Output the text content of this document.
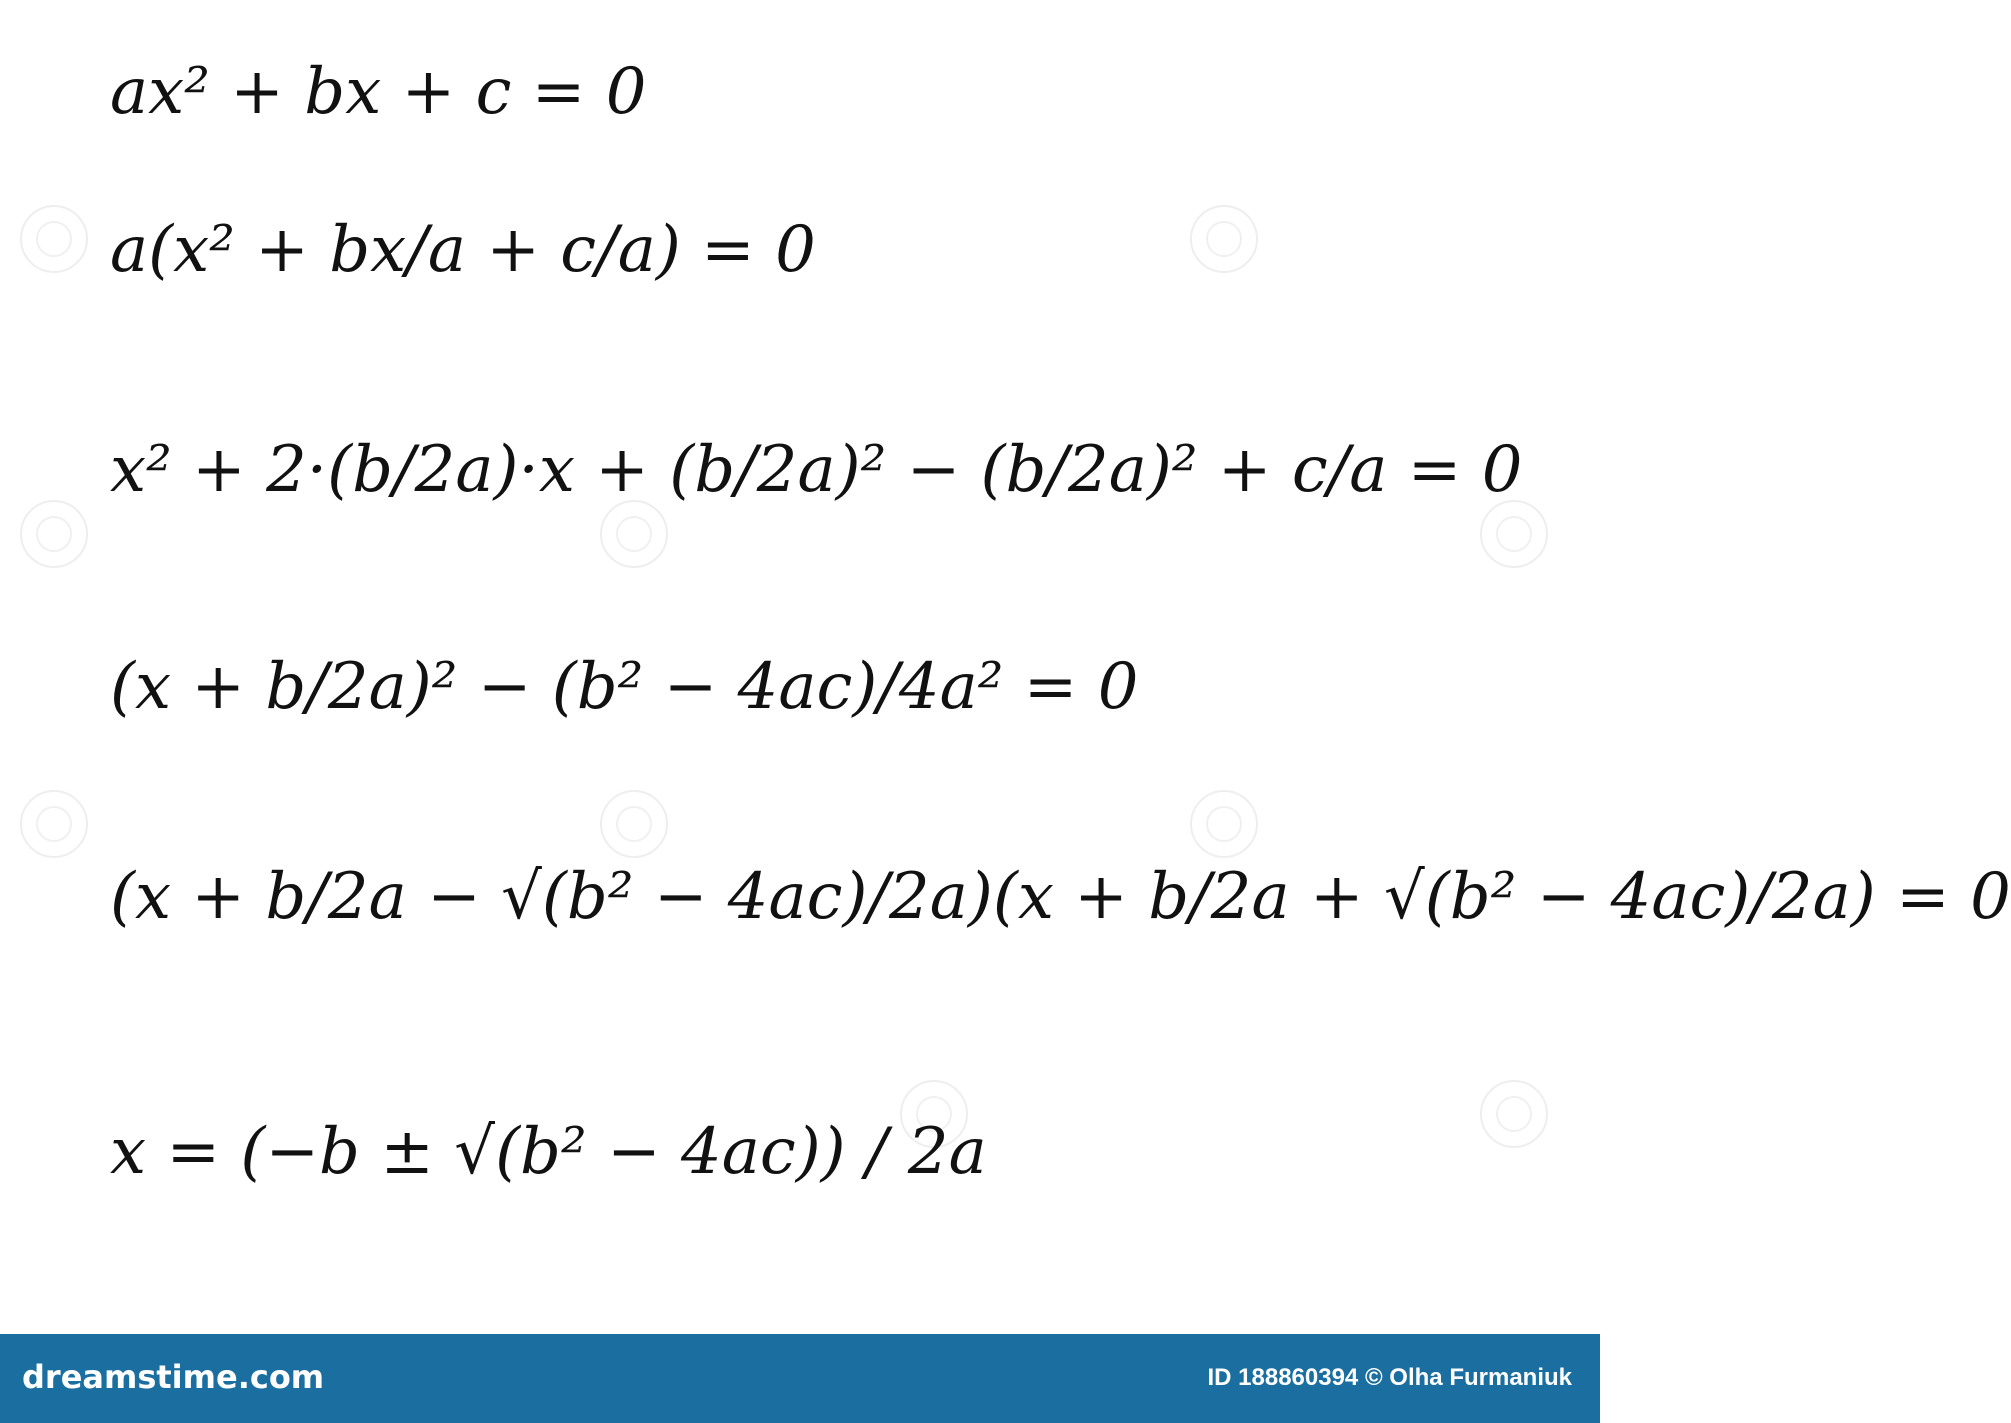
ax² + bx + c = 0
a(x² + bx/a + c/a) = 0
x² + 2·(b/2a)·x + (b/2a)² − (b/2a)² + c/a = 0
(x + b/2a)² − (b² − 4ac)/4a² = 0
(x + b/2a − √(b² − 4ac)/2a)(x + b/2a + √(b² − 4ac)/2a) = 0
x = (−b ± √(b² − 4ac)) / 2a
dreamstime.com	ID 188860394 © Olha Furmaniuk
